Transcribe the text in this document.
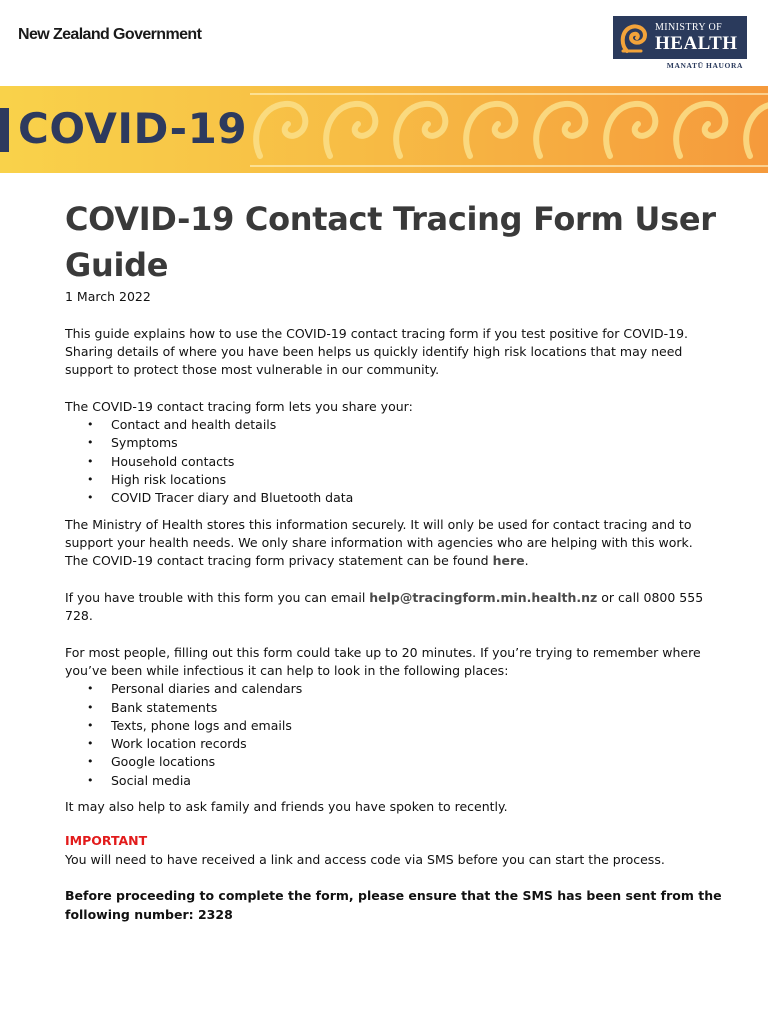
New Zealand Government	MINISTRY OF
HEALTH
MANATŪ HAUORA
COVID-19
COVID-19 Contact Tracing Form User Guide

1 March 2022

This guide explains how to use the COVID-19 contact tracing form if you test positive for COVID-19.

Sharing details of where you have been helps us quickly identify high risk locations that may need support to protect those most vulnerable in our community.

The COVID-19 contact tracing form lets you share your:

• Contact and health details
• Symptoms
• Household contacts
• High risk locations
• COVID Tracer diary and Bluetooth data

The Ministry of Health stores this information securely. It will only be used for contact tracing and to support your health needs. We only share information with agencies who are helping with this work.

The COVID-19 contact tracing form privacy statement can be found here.

If you have trouble with this form you can email help@tracingform.min.health.nz or call 0800 555 728.

For most people, filling out this form could take up to 20 minutes. If you’re trying to remember where you’ve been while infectious it can help to look in the following places:

• Personal diaries and calendars
• Bank statements
• Texts, phone logs and emails
• Work location records
• Google locations
• Social media

It may also help to ask family and friends you have spoken to recently.

IMPORTANT

You will need to have received a link and access code via SMS before you can start the process.

Before proceeding to complete the form, please ensure that the SMS has been sent from the following number: 2328
